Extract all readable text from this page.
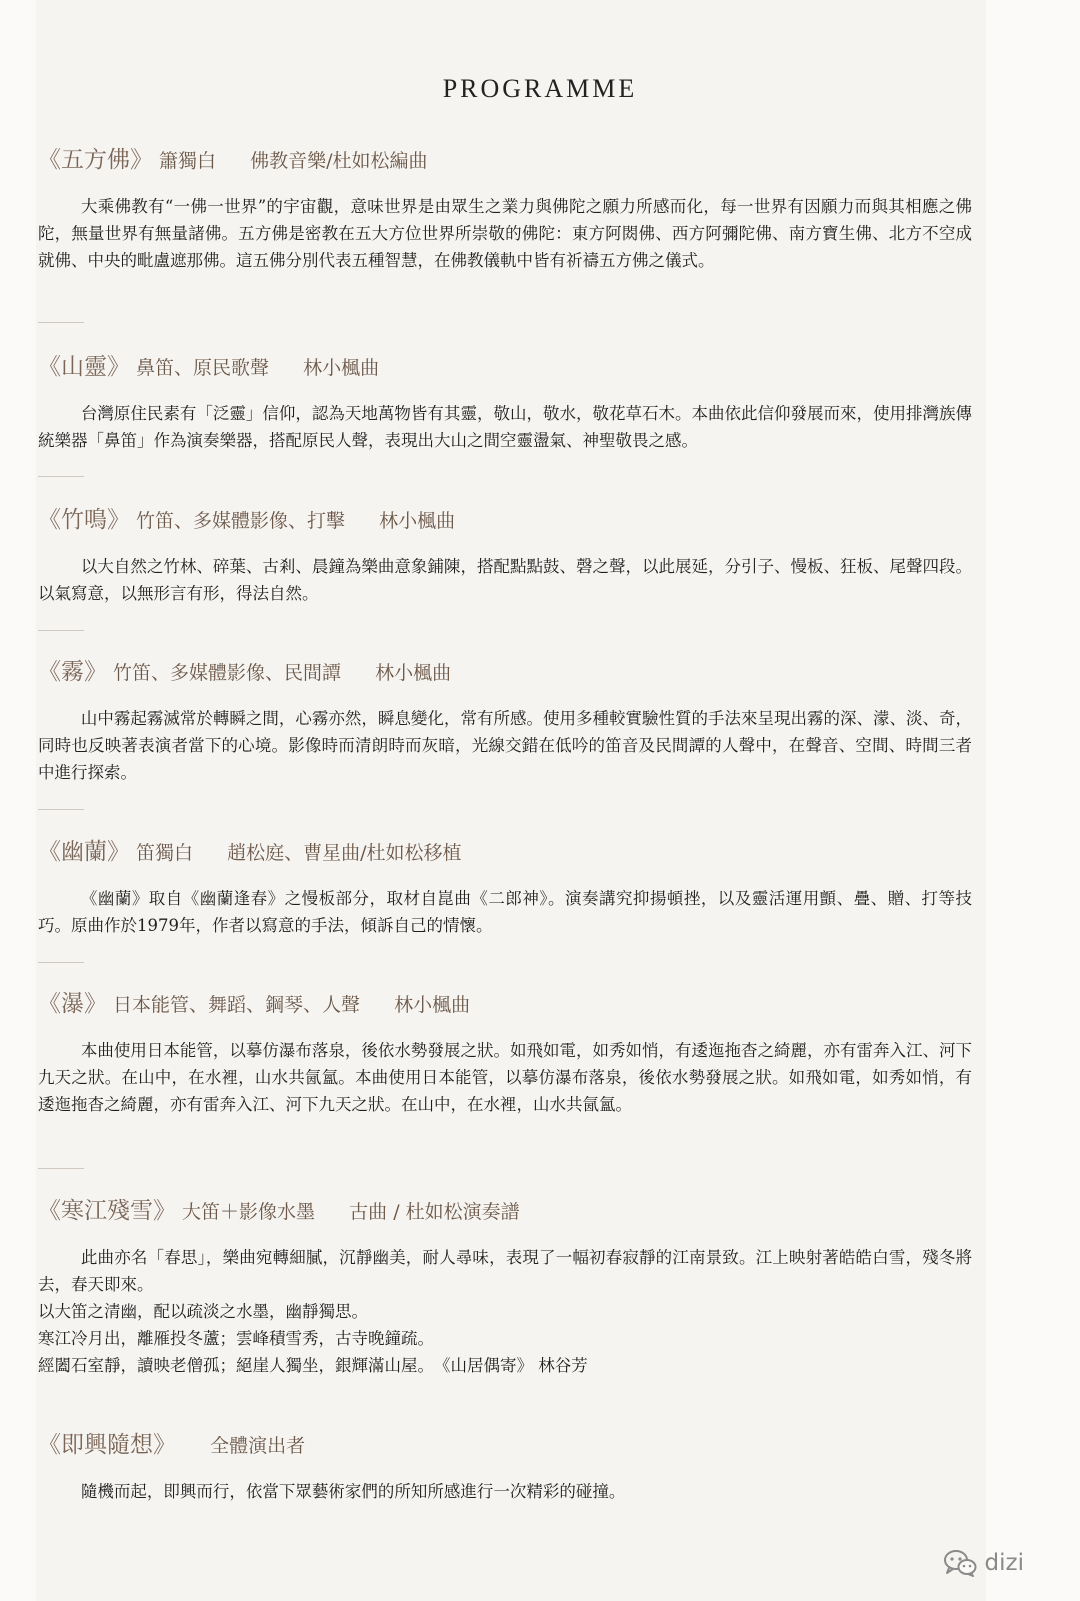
PROGRAMME
《五方佛》 簫獨白 佛教音樂/杜如松編曲
大乘佛教有“一佛一世界”的宇宙觀，意味世界是由眾生之業力與佛陀之願力所感而化，每一世界有因願力而與其相應之佛陀，無量世界有無量諸佛。五方佛是密教在五大方位世界所崇敬的佛陀：東方阿閦佛、西方阿彌陀佛、南方寶生佛、北方不空成就佛、中央的毗盧遮那佛。這五佛分別代表五種智慧，在佛教儀軌中皆有祈禱五方佛之儀式。
《山靈》 鼻笛、原民歌聲 林小楓曲
台灣原住民素有「泛靈」信仰，認為天地萬物皆有其靈，敬山，敬水，敬花草石木。本曲依此信仰發展而來，使用排灣族傳統樂器「鼻笛」作為演奏樂器，搭配原民人聲，表現出大山之間空靈盪氣、神聖敬畏之感。
《竹鳴》 竹笛、多媒體影像、打擊 林小楓曲
以大自然之竹林、碎葉、古剎、晨鐘為樂曲意象鋪陳，搭配點點鼓、磬之聲，以此展延，分引子、慢板、狂板、尾聲四段。以氣寫意，以無形言有形，得法自然。
《霧》 竹笛、多媒體影像、民間譚 林小楓曲
山中霧起霧滅常於轉瞬之間，心霧亦然，瞬息變化，常有所感。使用多種較實驗性質的手法來呈現出霧的深、濛、淡、奇，同時也反映著表演者當下的心境。影像時而清朗時而灰暗，光線交錯在低吟的笛音及民間譚的人聲中，在聲音、空間、時間三者中進行探索。
《幽蘭》 笛獨白 趙松庭、曹星曲/杜如松移植
《幽蘭》取自《幽蘭逢春》之慢板部分，取材自崑曲《二郎神》。演奏講究抑揚頓挫，以及靈活運用顫、疊、贈、打等技巧。原曲作於1979年，作者以寫意的手法，傾訴自己的情懷。
《瀑》 日本能管、舞蹈、鋼琴、人聲 林小楓曲
本曲使用日本能管，以摹仿瀑布落泉，後依水勢發展之狀。如飛如電，如秀如悄，有逶迤拖杳之綺麗，亦有雷奔入江、河下九天之狀。在山中，在水裡，山水共氤氳。本曲使用日本能管，以摹仿瀑布落泉，後依水勢發展之狀。如飛如電，如秀如悄，有逶迤拖杳之綺麗，亦有雷奔入江、河下九天之狀。在山中，在水裡，山水共氤氳。
《寒江殘雪》 大笛＋影像水墨 古曲 / 杜如松演奏譜
此曲亦名「春思」，樂曲宛轉細膩，沉靜幽美，耐人尋味，表現了一幅初春寂靜的江南景致。江上映射著皓皓白雪，殘冬將去，春天即來。
以大笛之清幽，配以疏淡之水墨，幽靜獨思。
寒江冷月出，離雁投冬蘆；雲峰積雪秀，古寺晚鐘疏。
經闔石室靜，讀映老僧孤；絕崖人獨坐，銀輝滿山屋。　《山居偶寄》 林谷芳
《即興隨想》 全體演出者
隨機而起，即興而行，依當下眾藝術家們的所知所感進行一次精彩的碰撞。
dizi
